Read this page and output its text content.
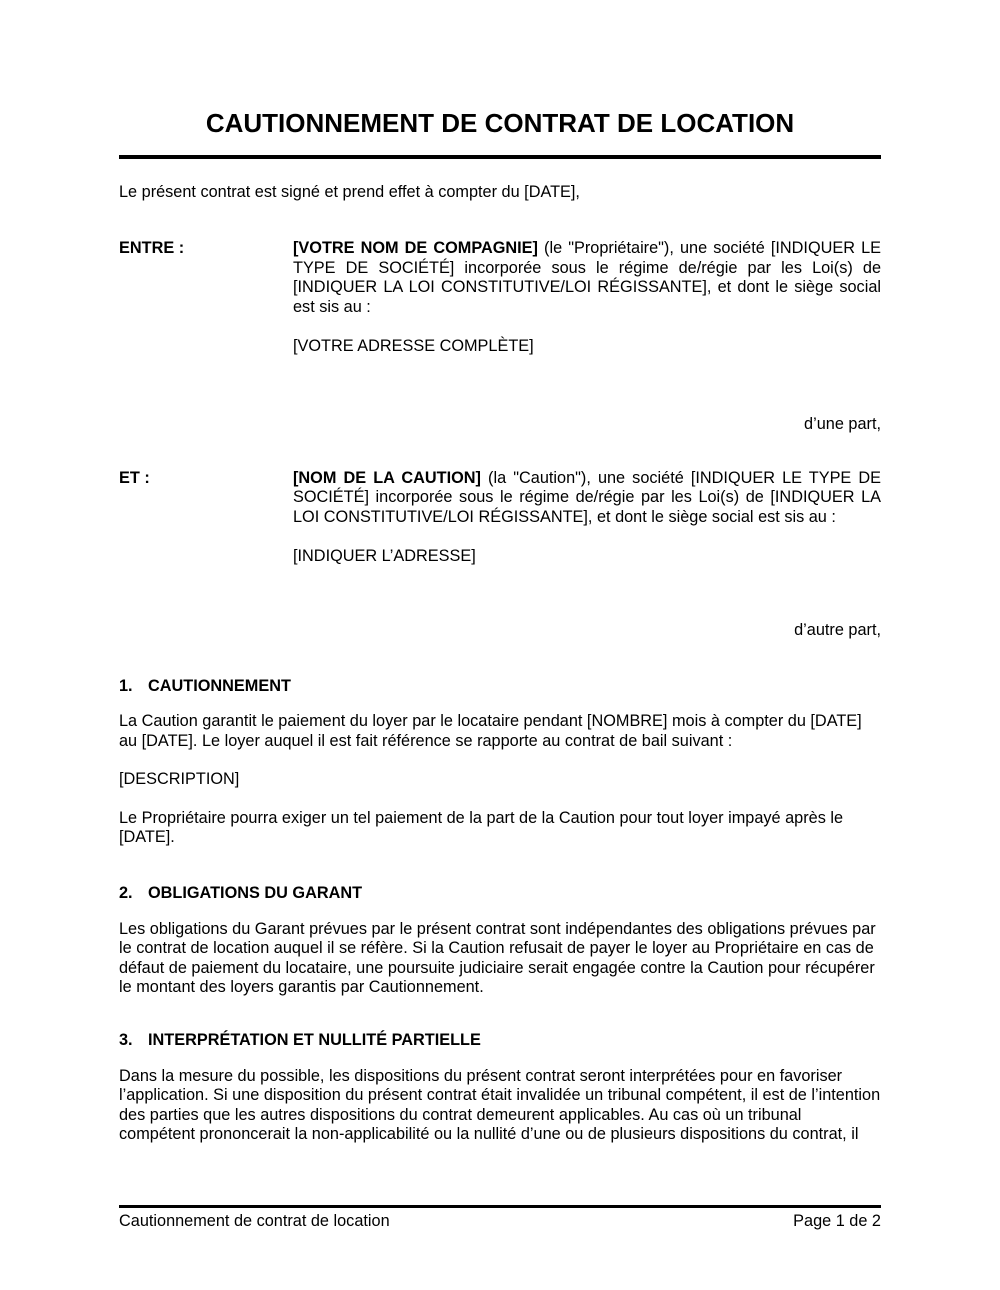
CAUTIONNEMENT DE CONTRAT DE LOCATION

Le présent contrat est signé et prend effet à compter du [DATE],

ENTRE :	[VOTRE NOM DE COMPAGNIE] (le "Propriétaire"), une société [INDIQUER LE TYPE DE SOCIÉTÉ] incorporée sous le régime de/régie par les Loi(s) de [INDIQUER LA LOI CONSTITUTIVE/LOI RÉGISSANTE], et dont le siège social est sis au :

[VOTRE ADRESSE COMPLÈTE]

d’une part,

ET :	[NOM DE LA CAUTION] (la "Caution"), une société [INDIQUER LE TYPE DE SOCIÉTÉ] incorporée sous le régime de/régie par les Loi(s) de [INDIQUER LA LOI CONSTITUTIVE/LOI RÉGISSANTE], et dont le siège social est sis au :

[INDIQUER L’ADRESSE]

d’autre part,

1. CAUTIONNEMENT

La Caution garantit le paiement du loyer par le locataire pendant [NOMBRE] mois à compter du [DATE] au [DATE]. Le loyer auquel il est fait référence se rapporte au contrat de bail suivant :

[DESCRIPTION]

Le Propriétaire pourra exiger un tel paiement de la part de la Caution pour tout loyer impayé après le [DATE].

2. OBLIGATIONS DU GARANT

Les obligations du Garant prévues par le présent contrat sont indépendantes des obligations prévues par le contrat de location auquel il se réfère. Si la Caution refusait de payer le loyer au Propriétaire en cas de défaut de paiement du locataire, une poursuite judiciaire serait engagée contre la Caution pour récupérer le montant des loyers garantis par Cautionnement.

3. INTERPRÉTATION ET NULLITÉ PARTIELLE

Dans la mesure du possible, les dispositions du présent contrat seront interprétées pour en favoriser l’application. Si une disposition du présent contrat était invalidée un tribunal compétent, il est de l’intention des parties que les autres dispositions du contrat demeurent applicables. Au cas où un tribunal compétent prononcerait la non-applicabilité ou la nullité d’une ou de plusieurs dispositions du contrat, il

Cautionnement de contrat de location	Page 1 de 2
